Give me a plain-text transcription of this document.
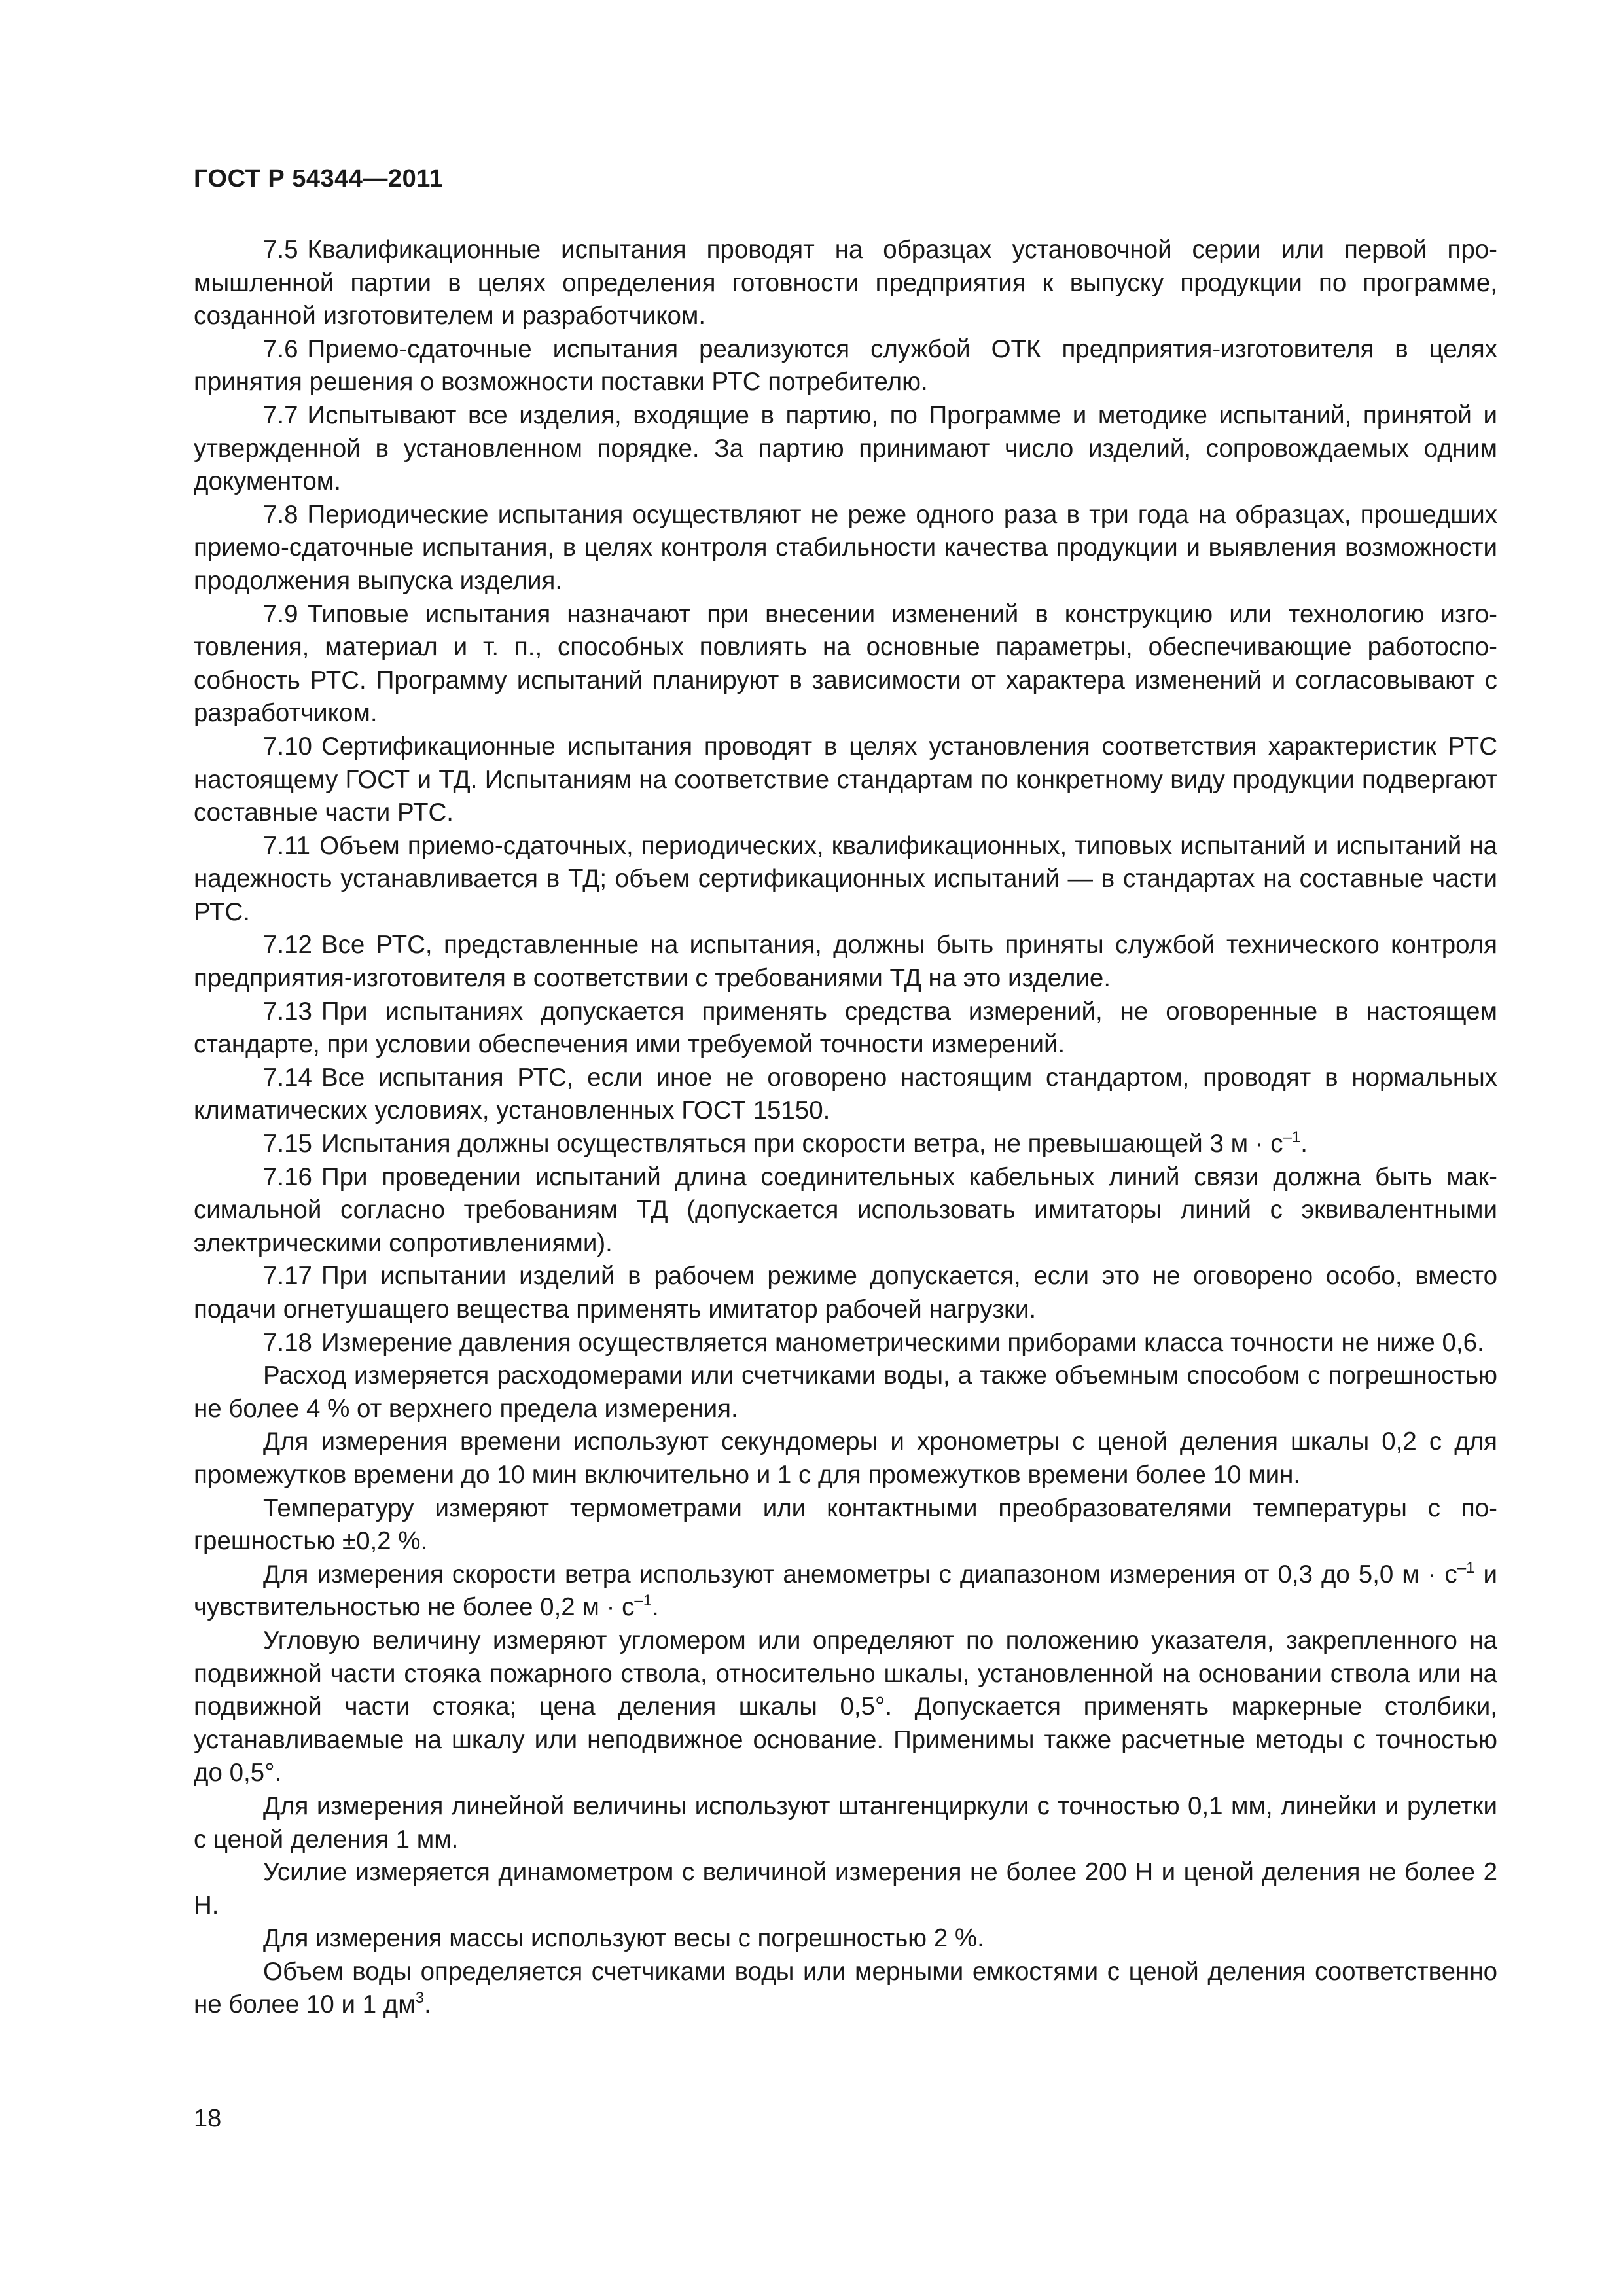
ГОСТ Р 54344—2011

7.5 Квалификационные испытания проводят на образцах установочной серии или первой промышленной партии в целях определения готовности предприятия к выпуску продукции по программе, созданной изготовителем и разработчиком.

7.6 Приемо-сдаточные испытания реализуются службой ОТК предприятия-изготовителя в целях принятия решения о возможности поставки РТС потребителю.

7.7 Испытывают все изделия, входящие в партию, по Программе и методике испытаний, принятой и утвержденной в установленном порядке. За партию принимают число изделий, сопровождаемых одним документом.

7.8 Периодические испытания осуществляют не реже одного раза в три года на образцах, прошедших приемо-сдаточные испытания, в целях контроля стабильности качества продукции и выявления возможности продолжения выпуска изделия.

7.9 Типовые испытания назначают при внесении изменений в конструкцию или технологию изготовления, материал и т. п., способных повлиять на основные параметры, обеспечивающие работоспособность РТС. Программу испытаний планируют в зависимости от характера изменений и согласовывают с разработчиком.

7.10 Сертификационные испытания проводят в целях установления соответствия характеристик РТС настоящему ГОСТ и ТД. Испытаниям на соответствие стандартам по конкретному виду продукции подвергают составные части РТС.

7.11 Объем приемо-сдаточных, периодических, квалификационных, типовых испытаний и испытаний на надежность устанавливается в ТД; объем сертификационных испытаний — в стандартах на составные части РТС.

7.12 Все РТС, представленные на испытания, должны быть приняты службой технического контроля предприятия-изготовителя в соответствии с требованиями ТД на это изделие.

7.13 При испытаниях допускается применять средства измерений, не оговоренные в настоящем стандарте, при условии обеспечения ими требуемой точности измерений.

7.14 Все испытания РТС, если иное не оговорено настоящим стандартом, проводят в нормальных климатических условиях, установленных ГОСТ 15150.

7.15 Испытания должны осуществляться при скорости ветра, не превышающей 3 $м \cdot с^{-1}$.

7.16 При проведении испытаний длина соединительных кабельных линий связи должна быть максимальной согласно требованиям ТД (допускается использовать имитаторы линий с эквивалентными электрическими сопротивлениями).

7.17 При испытании изделий в рабочем режиме допускается, если это не оговорено особо, вместо подачи огнетушащего вещества применять имитатор рабочей нагрузки.

7.18 Измерение давления осуществляется манометрическими приборами класса точности не ниже 0,6.

Расход измеряется расходомерами или счетчиками воды, а также объемным способом с погрешностью не более 4 % от верхнего предела измерения.

Для измерения времени используют секундомеры и хронометры с ценой деления шкалы 0,2 с для промежутков времени до 10 мин включительно и 1 с для промежутков времени более 10 мин.

Температуру измеряют термометрами или контактными преобразователями температуры с погрешностью ±0,2 %.

Для измерения скорости ветра используют анемометры с диапазоном измерения от 0,3 до 5,0 $м \cdot с^{-1}$ и чувствительностью не более 0,2 $м \cdot с^{-1}$.

Угловую величину измеряют угломером или определяют по положению указателя, закрепленного на подвижной части стояка пожарного ствола, относительно шкалы, установленной на основании ствола или на подвижной части стояка; цена деления шкалы 0,5°. Допускается применять маркерные столбики, устанавливаемые на шкалу или неподвижное основание. Применимы также расчетные методы с точностью до 0,5°.

Для измерения линейной величины используют штангенциркули с точностью 0,1 мм, линейки и рулетки с ценой деления 1 мм.

Усилие измеряется динамометром с величиной измерения не более 200 Н и ценой деления не более 2 Н.

Для измерения массы используют весы с погрешностью 2 %.

Объем воды определяется счетчиками воды или мерными емкостями с ценой деления соответственно не более 10 и 1 $дм^3$.

18
